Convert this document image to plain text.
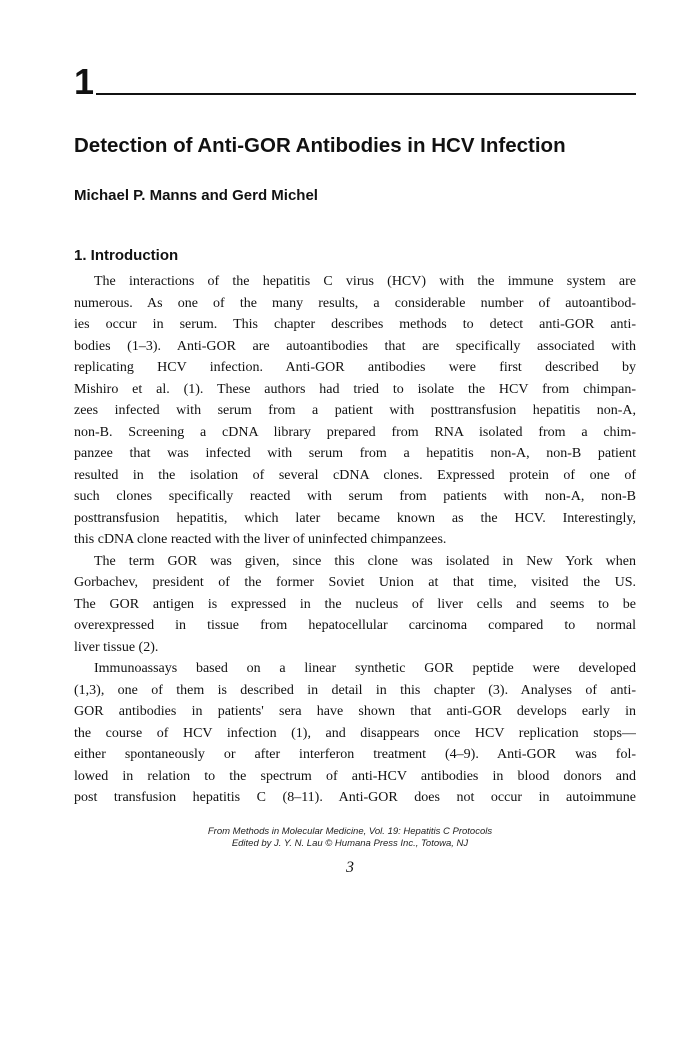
1
Detection of Anti-GOR Antibodies in HCV Infection
Michael P. Manns and Gerd Michel
1. Introduction
The interactions of the hepatitis C virus (HCV) with the immune system are
numerous. As one of the many results, a considerable number of autoantibod-
ies occur in serum. This chapter describes methods to detect anti-GOR anti-
bodies (1–3). Anti-GOR are autoantibodies that are specifically associated with
replicating HCV infection. Anti-GOR antibodies were first described by
Mishiro et al. (1). These authors had tried to isolate the HCV from chimpan-
zees infected with serum from a patient with posttransfusion hepatitis non-A,
non-B. Screening a cDNA library prepared from RNA isolated from a chim-
panzee that was infected with serum from a hepatitis non-A, non-B patient
resulted in the isolation of several cDNA clones. Expressed protein of one of
such clones specifically reacted with serum from patients with non-A, non-B
posttransfusion hepatitis, which later became known as the HCV. Interestingly,
this cDNA clone reacted with the liver of uninfected chimpanzees.
The term GOR was given, since this clone was isolated in New York when
Gorbachev, president of the former Soviet Union at that time, visited the US.
The GOR antigen is expressed in the nucleus of liver cells and seems to be
overexpressed in tissue from hepatocellular carcinoma compared to normal
liver tissue (2).
Immunoassays based on a linear synthetic GOR peptide were developed
(1,3), one of them is described in detail in this chapter (3). Analyses of anti-
GOR antibodies in patients' sera have shown that anti-GOR develops early in
the course of HCV infection (1), and disappears once HCV replication stops—
either spontaneously or after interferon treatment (4–9). Anti-GOR was fol-
lowed in relation to the spectrum of anti-HCV antibodies in blood donors and
post transfusion hepatitis C (8–11). Anti-GOR does not occur in autoimmune
From Methods in Molecular Medicine, Vol. 19: Hepatitis C Protocols
Edited by J. Y. N. Lau © Humana Press Inc., Totowa, NJ
3
